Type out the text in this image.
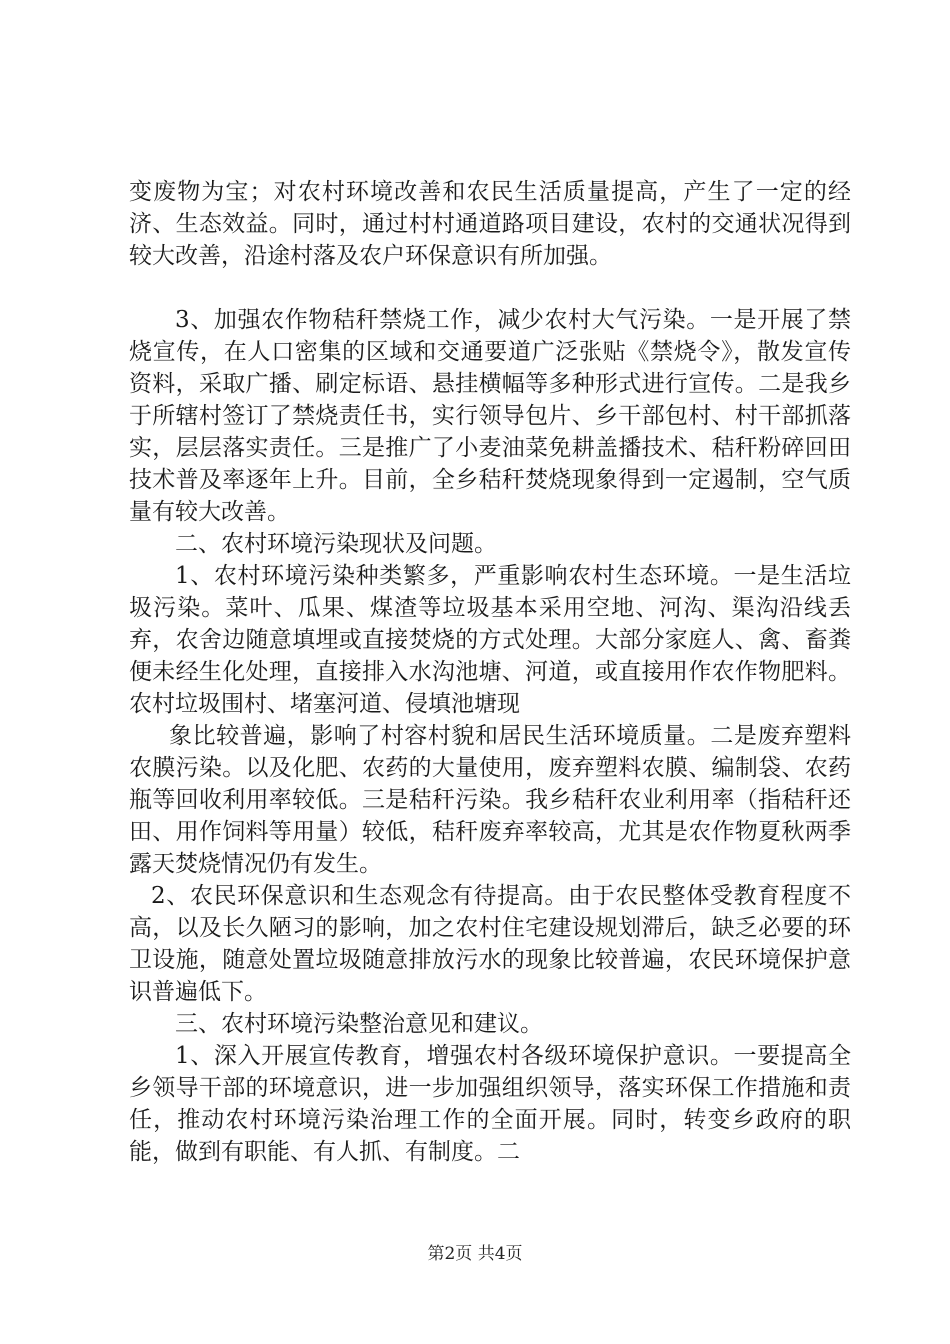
变废物为宝；对农村环境改善和农民生活质量提高，产生了一定的经济、生态效益。同时，通过村村通道路项目建设，农村的交通状况得到较大改善，沿途村落及农户环保意识有所加强。

3、加强农作物秸秆禁烧工作，减少农村大气污染。一是开展了禁烧宣传，在人口密集的区域和交通要道广泛张贴《禁烧令》，散发宣传资料，采取广播、刷定标语、悬挂横幅等多种形式进行宣传。二是我乡于所辖村签订了禁烧责任书，实行领导包片、乡干部包村、村干部抓落实，层层落实责任。三是推广了小麦油菜免耕盖播技术、秸秆粉碎回田技术普及率逐年上升。目前，全乡秸秆焚烧现象得到一定遏制，空气质量有较大改善。

二、农村环境污染现状及问题。

1、农村环境污染种类繁多，严重影响农村生态环境。一是生活垃圾污染。菜叶、瓜果、煤渣等垃圾基本采用空地、河沟、渠沟沿线丢弃，农舍边随意填埋或直接焚烧的方式处理。大部分家庭人、禽、畜粪便未经生化处理，直接排入水沟池塘、河道，或直接用作农作物肥料。农村垃圾围村、堵塞河道、侵填池塘现

象比较普遍，影响了村容村貌和居民生活环境质量。二是废弃塑料农膜污染。以及化肥、农药的大量使用，废弃塑料农膜、编制袋、农药瓶等回收利用率较低。三是秸秆污染。我乡秸秆农业利用率（指秸秆还田、用作饲料等用量）较低，秸秆废弃率较高，尤其是农作物夏秋两季露天焚烧情况仍有发生。

2、农民环保意识和生态观念有待提高。由于农民整体受教育程度不高，以及长久陋习的影响，加之农村住宅建设规划滞后，缺乏必要的环卫设施，随意处置垃圾随意排放污水的现象比较普遍，农民环境保护意识普遍低下。

三、农村环境污染整治意见和建议。

1、深入开展宣传教育，增强农村各级环境保护意识。一要提高全乡领导干部的环境意识，进一步加强组织领导，落实环保工作措施和责任，推动农村环境污染治理工作的全面开展。同时，转变乡政府的职能，做到有职能、有人抓、有制度。二

第2页 共4页
